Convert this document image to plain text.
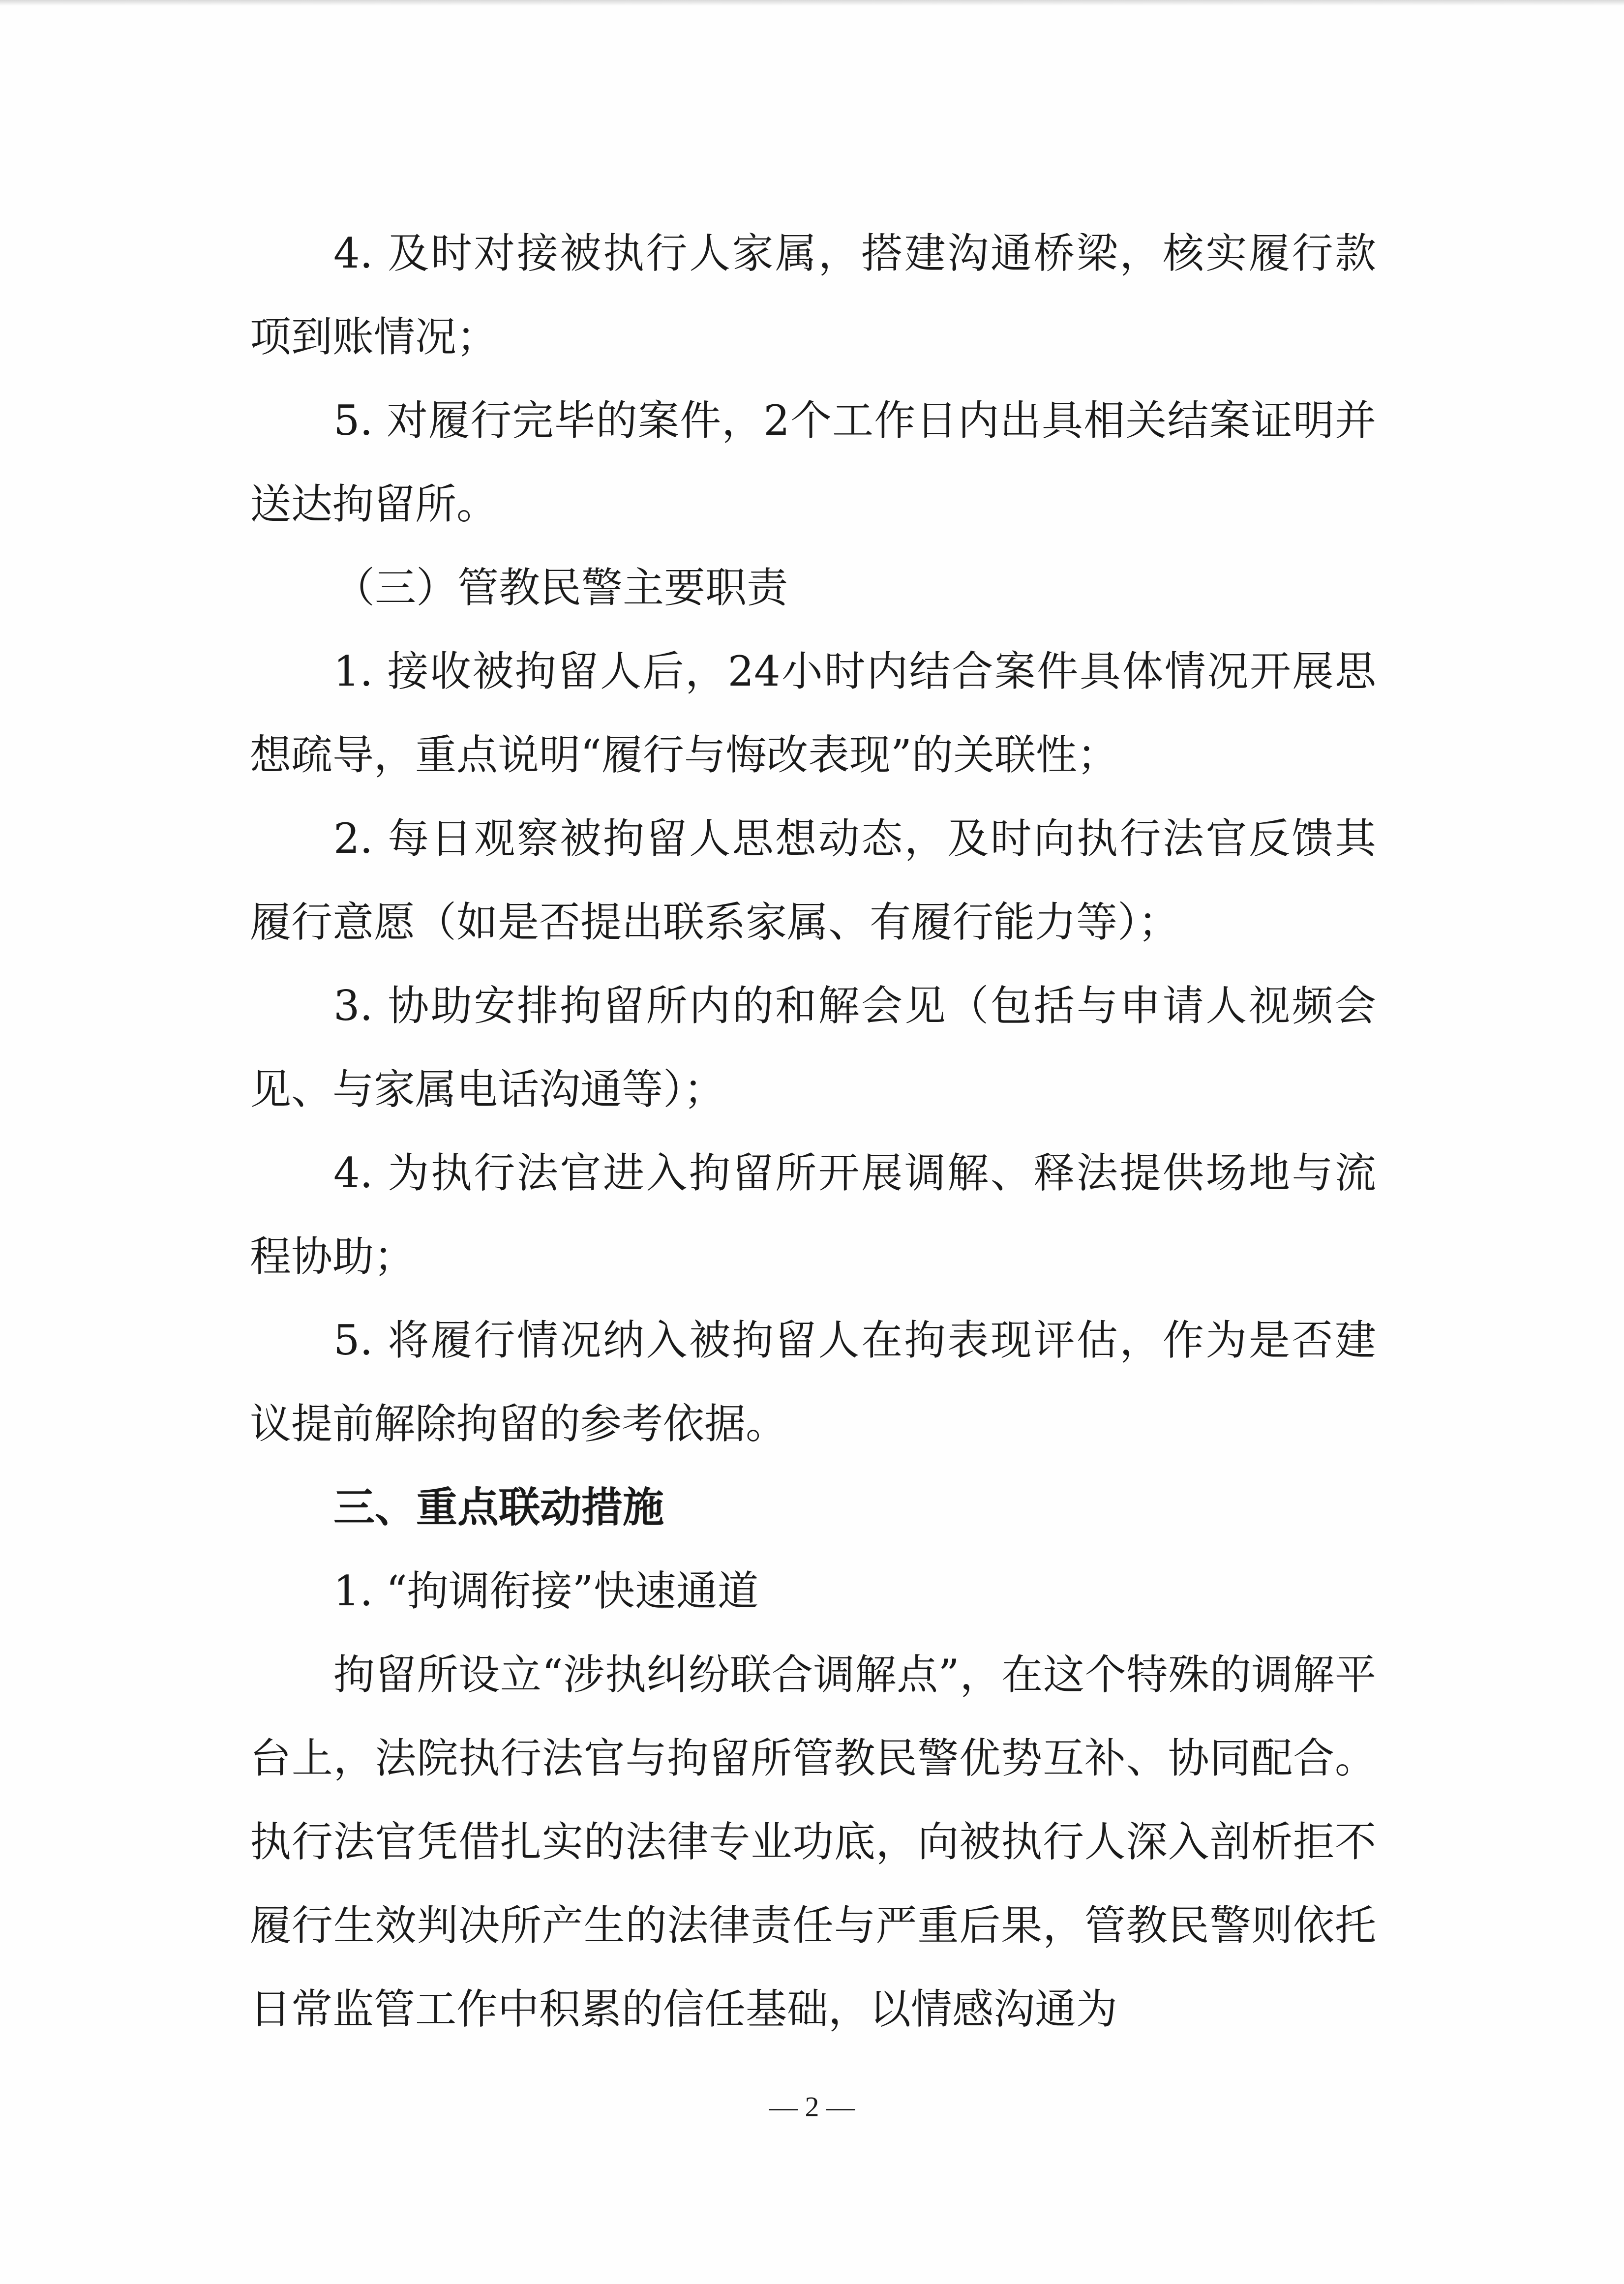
4. 及时对接被执行人家属，搭建沟通桥梁，核实履行款项到账情况；

5. 对履行完毕的案件，2个工作日内出具相关结案证明并送达拘留所。

（三）管教民警主要职责

1. 接收被拘留人后，24小时内结合案件具体情况开展思想疏导，重点说明“履行与悔改表现”的关联性；

2. 每日观察被拘留人思想动态，及时向执行法官反馈其履行意愿（如是否提出联系家属、有履行能力等）；

3. 协助安排拘留所内的和解会见（包括与申请人视频会见、与家属电话沟通等）；

4. 为执行法官进入拘留所开展调解、释法提供场地与流程协助；

5. 将履行情况纳入被拘留人在拘表现评估，作为是否建议提前解除拘留的参考依据。

三、重点联动措施

1. “拘调衔接”快速通道

拘留所设立“涉执纠纷联合调解点”，在这个特殊的调解平台上，法院执行法官与拘留所管教民警优势互补、协同配合。执行法官凭借扎实的法律专业功底，向被执行人深入剖析拒不履行生效判决所产生的法律责任与严重后果，管教民警则依托日常监管工作中积累的信任基础，以情感沟通为

— 2 —
